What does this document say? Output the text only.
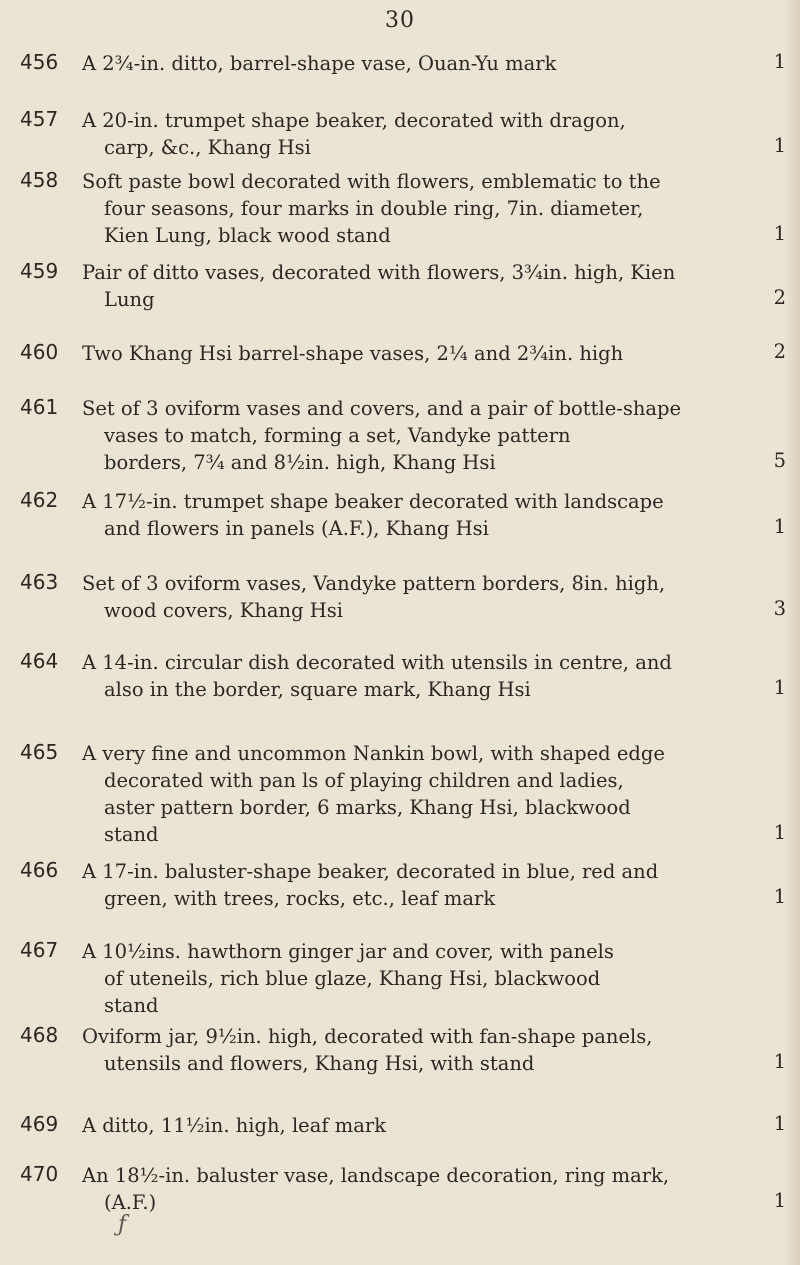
30
456	A 2¾-in. ditto, barrel-shape vase, Ouan-Yu mark	1
457	A 20-in. trumpet shape beaker, decorated with dragon,
carp, &c., Khang Hsi	1
458	Soft paste bowl decorated with flowers, emblematic to the
four seasons, four marks in double ring, 7in. diameter,
Kien Lung, black wood stand	1
459	Pair of ditto vases, decorated with flowers, 3¾in. high, Kien
Lung	2
460	Two Khang Hsi barrel-shape vases, 2¼ and 2¾in. high	2
461	Set of 3 oviform vases and covers, and a pair of bottle-shape
vases to match, forming a set, Vandyke pattern
borders, 7¾ and 8½in. high, Khang Hsi	5
462	A 17½-in. trumpet shape beaker decorated with landscape
and flowers in panels (A.F.), Khang Hsi	1
463	Set of 3 oviform vases, Vandyke pattern borders, 8in. high,
wood covers, Khang Hsi	3
464	A 14-in. circular dish decorated with utensils in centre, and
also in the border, square mark, Khang Hsi	1
465	A very fine and uncommon Nankin bowl, with shaped edge
decorated with pan ls of playing children and ladies,
aster pattern border, 6 marks, Khang Hsi, blackwood
stand	1
466	A 17-in. baluster-shape beaker, decorated in blue, red and
green, with trees, rocks, etc., leaf mark	1
467	A 10½ins. hawthorn ginger jar and cover, with panels
of uteneils, rich blue glaze, Khang Hsi, blackwood
stand
468	Oviform jar, 9½in. high, decorated with fan-shape panels,
utensils and flowers, Khang Hsi, with stand	1
469	A ditto, 11½in. high, leaf mark	1
470	An 18½-in. baluster vase, landscape decoration, ring mark,
(A.F.)	1
ƒ
